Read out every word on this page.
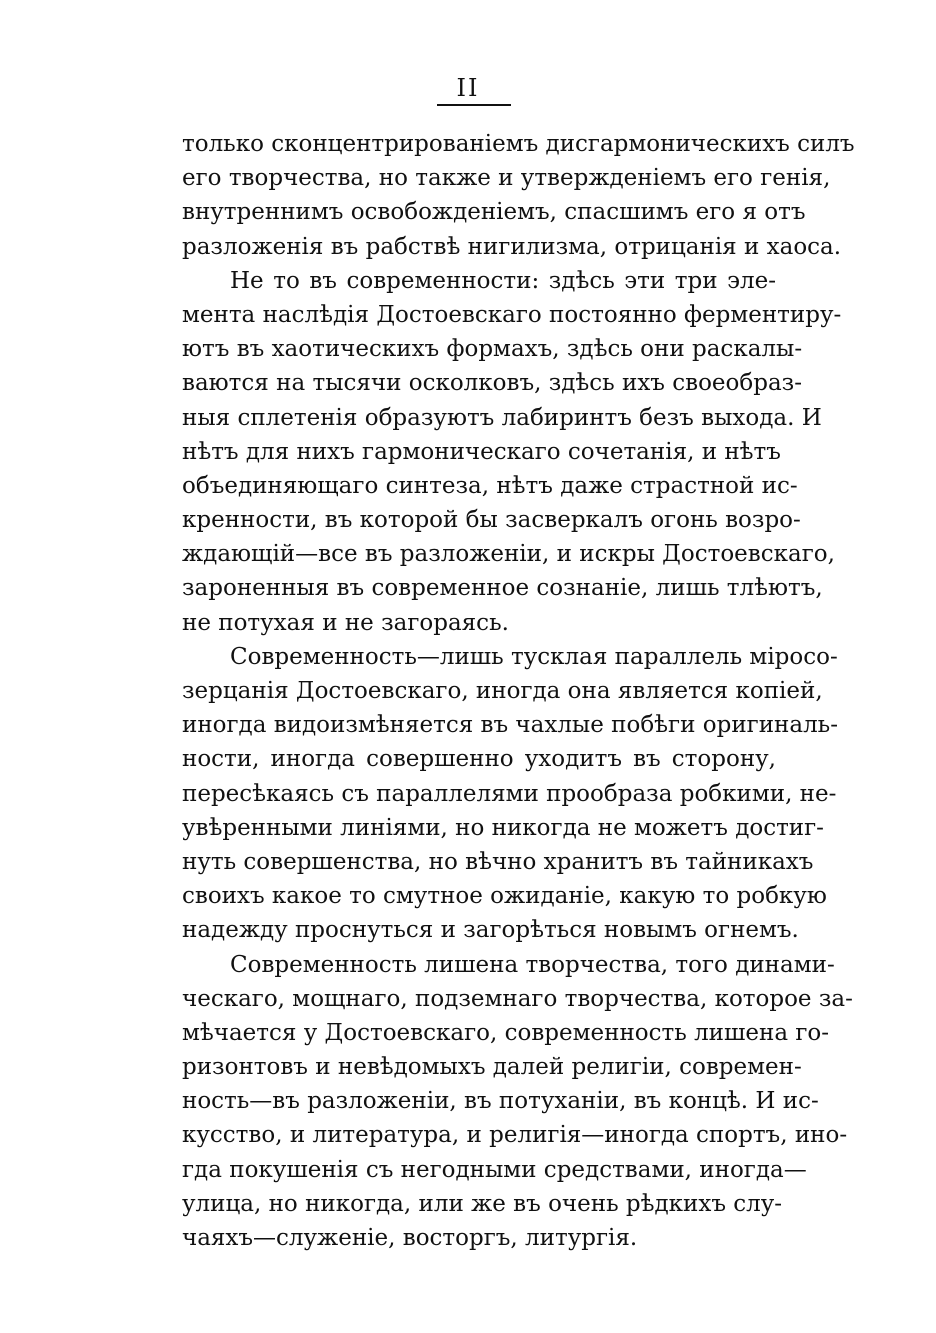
II
только сконцентрированіемъ дисгармоническихъ силъ
его творчества, но также и утвержденіемъ его генія,
внутреннимъ освобожденіемъ, спасшимъ его я отъ
разложенія въ рабствѣ нигилизма, отрицанія и хаоса.
Не то въ современности: здѣсь эти три эле-
мента наслѣдія Достоевскаго постоянно ферментиру-
ютъ въ хаотическихъ формахъ, здѣсь они раскалы-
ваются на тысячи осколковъ, здѣсь ихъ своеобраз-
ныя сплетенія образуютъ лабиринтъ безъ выхода. И
нѣтъ для нихъ гармоническаго сочетанія, и нѣтъ
объединяющаго синтеза, нѣтъ даже страстной ис-
кренности, въ которой бы засверкалъ огонь возро-
ждающій—все въ разложеніи, и искры Достоевскаго,
зароненныя въ современное сознаніе, лишь тлѣютъ,
не потухая и не загораясь.
Современность—лишь тусклая параллель міросо-
зерцанія Достоевскаго, иногда она является копіей,
иногда видоизмѣняется въ чахлые побѣги оригиналь-
ности, иногда совершенно уходитъ въ сторону,
пересѣкаясь съ параллелями прообраза робкими, не-
увѣренными линіями, но никогда не можетъ достиг-
нуть совершенства, но вѣчно хранитъ въ тайникахъ
своихъ какое то смутное ожиданіе, какую то робкую
надежду проснуться и загорѣться новымъ огнемъ.
Современность лишена творчества, того динами-
ческаго, мощнаго, подземнаго творчества, которое за-
мѣчается у Достоевскаго, современность лишена го-
ризонтовъ и невѣдомыхъ далей религіи, современ-
ность—въ разложеніи, въ потуханіи, въ концѣ. И ис-
кусство, и литература, и религія—иногда спортъ, ино-
гда покушенія съ негодными средствами, иногда—
улица, но никогда, или же въ очень рѣдкихъ слу-
чаяхъ—служеніе, восторгъ, литургія.
